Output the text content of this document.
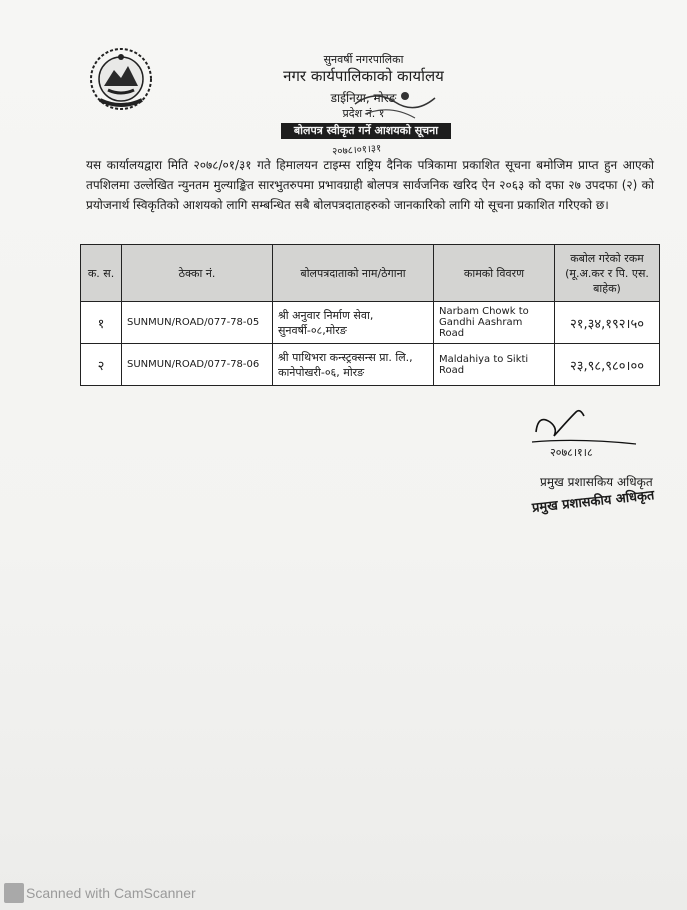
सुनवर्षी नगरपालिका
नगर कार्यपालिकाको कार्यालय
डाईनिया, मोरङ
प्रदेश नं. १
बोलपत्र स्वीकृत गर्ने आशयको सूचना
२०७८।०१।३१
यस कार्यालयद्वारा मिति २०७८/०१/३१ गते हिमालयन टाइम्स राष्ट्रिय दैनिक पत्रिकामा प्रकाशित सूचना बमोजिम प्राप्त हुन आएको तपशिलमा उल्लेखित न्युनतम मुल्याङ्कित सारभुतरुपमा प्रभावग्राही बोलपत्र सार्वजनिक खरिद ऐन २०६३ को दफा २७ उपदफा (२) को प्रयोजनार्थ स्विकृतिको आशयको लागि सम्बन्धित सबै बोलपत्रदाताहरुको जानकारिको लागि यो सूचना प्रकाशित गरिएको छ।
क. स.	ठेक्का नं.	बोलपत्रदाताको नाम/ठेगाना	कामको विवरण	कबोल गरेको रकम (मू.अ.कर र पि. एस. बाहेक)
१	SUNMUN/ROAD/077-78-05	श्री अनुवार निर्माण सेवा, सुनवर्षी-०८,मोरङ	Narbam Chowk to Gandhi Aashram Road	२१,३४,१९२।५०
२	SUNMUN/ROAD/077-78-06	श्री पाथिभरा कन्स्ट्रक्सन्स प्रा. लि., कानेपोखरी-०६, मोरङ	Maldahiya to Sikti Road	२३,९८,९८०।००
२०७८।१।८
प्रमुख प्रशासकिय अधिकृत
प्रमुख प्रशासकीय अधिकृत
Scanned with CamScanner
